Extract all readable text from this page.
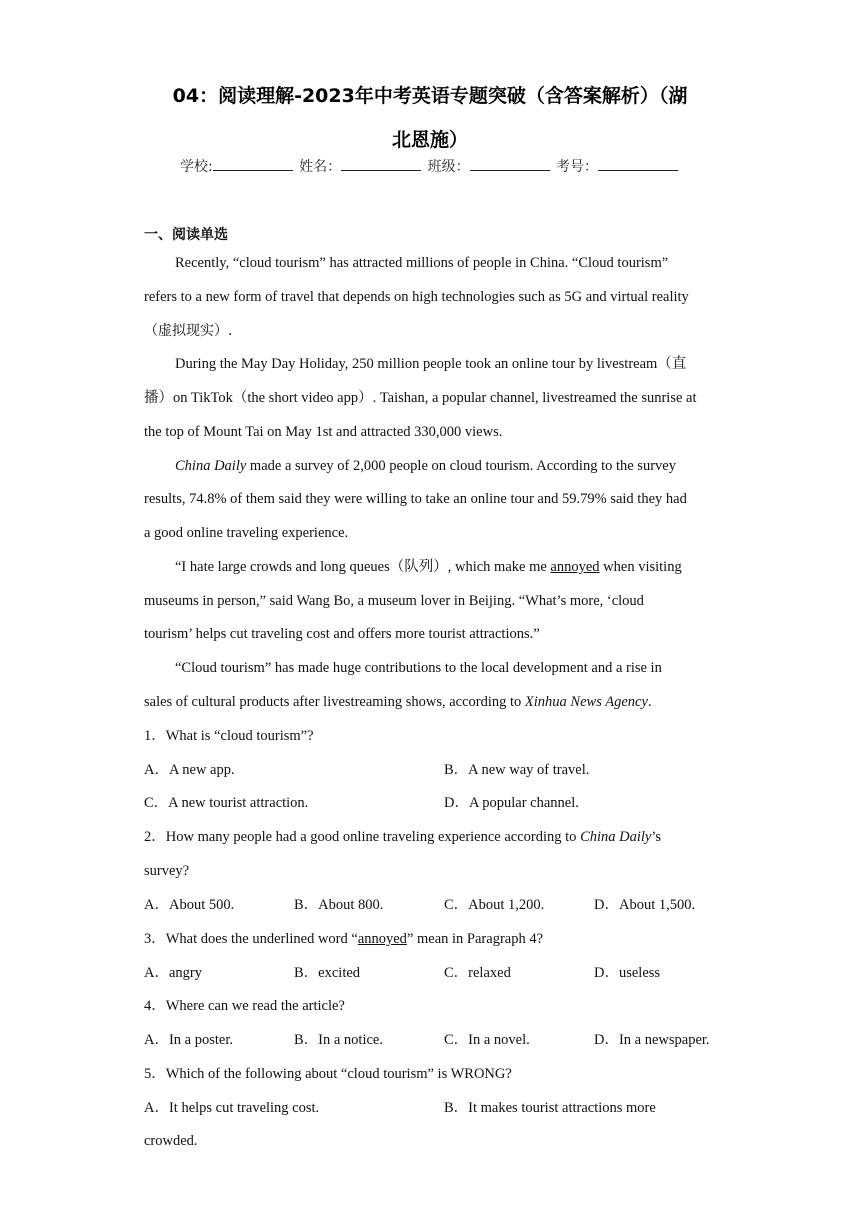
04：阅读理解-2023年中考英语专题突破（含答案解析）（湖
北恩施）
学校:	姓名：	班级：	考号：
一、阅读单选
Recently, “cloud tourism” has attracted millions of people in China. “Cloud tourism”
refers to a new form of travel that depends on high technologies such as 5G and virtual reality
（虚拟现实）.
During the May Day Holiday, 250 million people took an online tour by livestream（直
播）on TikTok（the short video app）. Taishan, a popular channel, livestreamed the sunrise at
the top of Mount Tai on May 1st and attracted 330,000 views.
China Daily made a survey of 2,000 people on cloud tourism. According to the survey
results, 74.8% of them said they were willing to take an online tour and 59.79% said they had
a good online traveling experience.
“I hate large crowds and long queues（队列）, which make me annoyed when visiting
museums in person,” said Wang Bo, a museum lover in Beijing. “What’s more, ‘cloud
tourism’ helps cut traveling cost and offers more tourist attractions.”
“Cloud tourism” has made huge contributions to the local development and a rise in
sales of cultural products after livestreaming shows, according to Xinhua News Agency.
1．What is “cloud tourism”?
A．A new app.	B．A new way of travel.
C．A new tourist attraction.	D．A popular channel.
2．How many people had a good online traveling experience according to China Daily’s
survey?
A．About 500.	B．About 800.	C．About 1,200.	D．About 1,500.
3．What does the underlined word “annoyed” mean in Paragraph 4?
A．angry	B．excited	C．relaxed	D．useless
4．Where can we read the article?
A．In a poster.	B．In a notice.	C．In a novel.	D．In a newspaper.
5．Which of the following about “cloud tourism” is WRONG?
A．It helps cut traveling cost.	B．It makes tourist attractions more
crowded.
